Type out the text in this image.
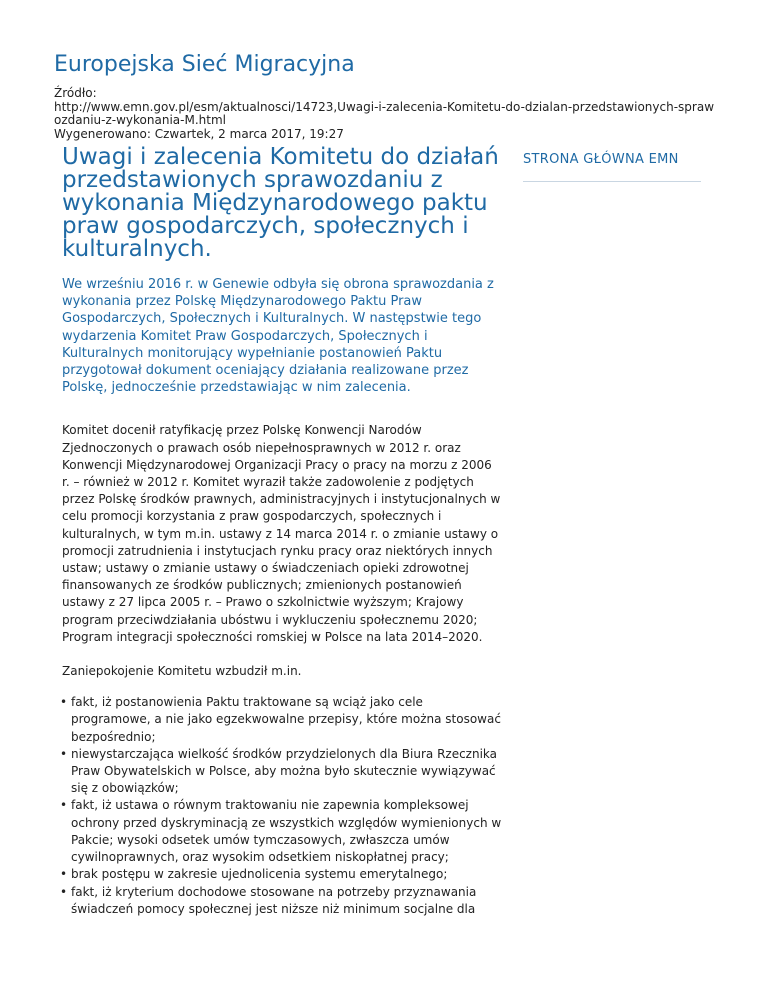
Europejska Sieć Migracyjna
Źródło:
http://www.emn.gov.pl/esm/aktualnosci/14723,Uwagi-i-zalecenia-Komitetu-do-dzialan-przedstawionych-sprawozdaniu-z-wykonania-M.html
Wygenerowano: Czwartek, 2 marca 2017, 19:27
Uwagi i zalecenia Komitetu do działań przedstawionych sprawozdaniu z wykonania Międzynarodowego paktu praw gospodarczych, społecznych i kulturalnych.

We wrześniu 2016 r. w Genewie odbyła się obrona sprawozdania z wykonania przez Polskę Międzynarodowego Paktu Praw Gospodarczych, Społecznych i Kulturalnych. W następstwie tego wydarzenia Komitet Praw Gospodarczych, Społecznych i Kulturalnych monitorujący wypełnianie postanowień Paktu przygotował dokument oceniający działania realizowane przez Polskę, jednocześnie przedstawiając w nim zalecenia.

Komitet docenił ratyfikację przez Polskę Konwencji Narodów Zjednoczonych o prawach osób niepełnosprawnych w 2012 r. oraz Konwencji Międzynarodowej Organizacji Pracy o pracy na morzu z 2006 r. – również w 2012 r. Komitet wyraził także zadowolenie z podjętych przez Polskę środków prawnych, administracyjnych i instytucjonalnych w celu promocji korzystania z praw gospodarczych, społecznych i kulturalnych, w tym m.in. ustawy z 14 marca 2014 r. o zmianie ustawy o promocji zatrudnienia i instytucjach rynku pracy oraz niektórych innych ustaw; ustawy o zmianie ustawy o świadczeniach opieki zdrowotnej finansowanych ze środków publicznych; zmienionych postanowień ustawy z 27 lipca 2005 r. – Prawo o szkolnictwie wyższym; Krajowy program przeciwdziałania ubóstwu i wykluczeniu społecznemu 2020; Program integracji społeczności romskiej w Polsce na lata 2014–2020.

Zaniepokojenie Komitetu wzbudził m.in.

• fakt, iż postanowienia Paktu traktowane są wciąż jako cele programowe, a nie jako egzekwowalne przepisy, które można stosować bezpośrednio;
• niewystarczająca wielkość środków przydzielonych dla Biura Rzecznika Praw Obywatelskich w Polsce, aby można było skutecznie wywiązywać się z obowiązków;
• fakt, iż ustawa o równym traktowaniu nie zapewnia kompleksowej ochrony przed dyskryminacją ze wszystkich względów wymienionych w Pakcie; wysoki odsetek umów tymczasowych, zwłaszcza umów cywilnoprawnych, oraz wysokim odsetkiem niskopłatnej pracy;
• brak postępu w zakresie ujednolicenia systemu emerytalnego;
• fakt, iż kryterium dochodowe stosowane na potrzeby przyznawania świadczeń pomocy społecznej jest niższe niż minimum socjalne dla
STRONA GŁÓWNA EMN
